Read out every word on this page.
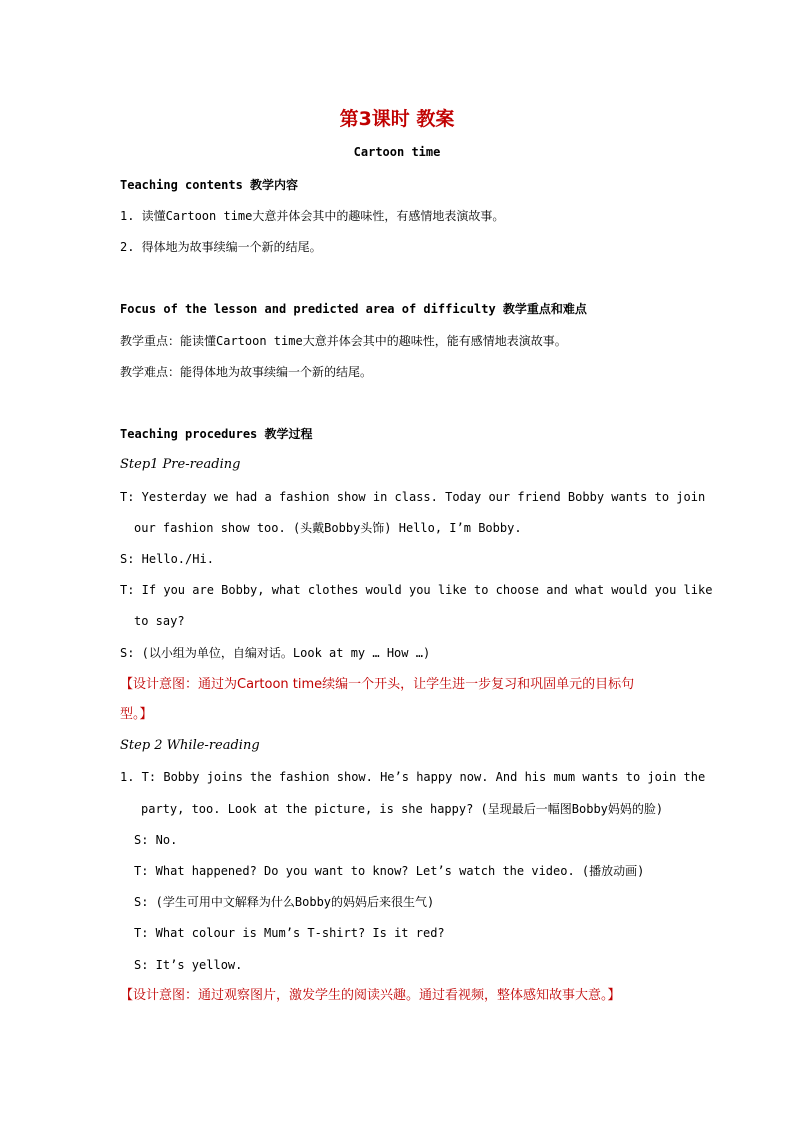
第3课时 教案
Cartoon time
Teaching contents 教学内容
1. 读懂Cartoon time大意并体会其中的趣味性，有感情地表演故事。
2. 得体地为故事续编一个新的结尾。
Focus of the lesson and predicted area of difficulty 教学重点和难点
教学重点：能读懂Cartoon time大意并体会其中的趣味性，能有感情地表演故事。
教学难点：能得体地为故事续编一个新的结尾。
Teaching procedures 教学过程
Step1 Pre-reading
T: Yesterday we had a fashion show in class. Today our friend Bobby wants to join
our fashion show too. (头戴Bobby头饰) Hello, I’m Bobby.
S: Hello./Hi.
T: If you are Bobby, what clothes would you like to choose and what would you like
to say?
S: (以小组为单位，自编对话。Look at my … How …)
【设计意图：通过为Cartoon time续编一个开头，让学生进一步复习和巩固单元的目标句
型。】
Step 2 While-reading
1. T: Bobby joins the fashion show. He’s happy now. And his mum wants to join the
party, too. Look at the picture, is she happy? (呈现最后一幅图Bobby妈妈的脸)
S: No.
T: What happened? Do you want to know? Let’s watch the video. (播放动画)
S: (学生可用中文解释为什么Bobby的妈妈后来很生气)
T: What colour is Mum’s T-shirt? Is it red?
S: It’s yellow.
【设计意图：通过观察图片，激发学生的阅读兴趣。通过看视频，整体感知故事大意。】
